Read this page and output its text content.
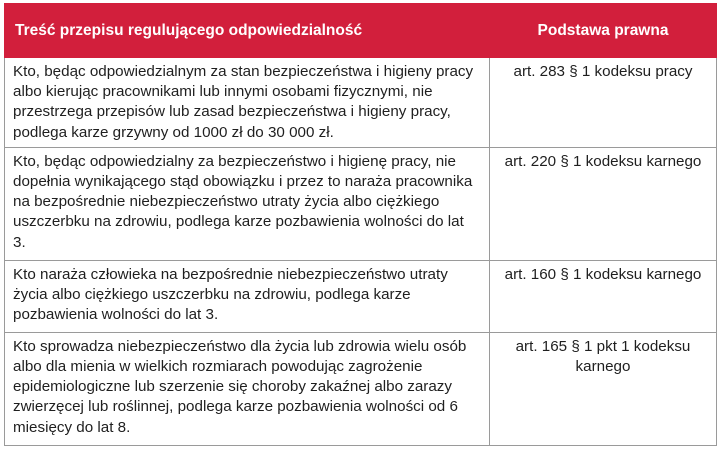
Treść przepisu regulującego odpowiedzialność	Podstawa prawna
Kto, będąc odpowiedzialnym za stan bezpieczeństwa i higieny pracy albo kierując pracownikami lub innymi osobami fizycznymi, nie przestrzega przepisów lub zasad bezpieczeństwa i higieny pracy, podlega karze grzywny od 1000 zł do 30 000 zł.	art. 283 § 1 kodeksu pracy
Kto, będąc odpowiedzialny za bezpieczeństwo i higienę pracy, nie dopełnia wynikającego stąd obowiązku i przez to naraża pracownika na bezpośrednie niebezpieczeństwo utraty życia albo ciężkiego uszczerbku na zdrowiu, podlega karze pozbawienia wolności do lat 3.	art. 220 § 1 kodeksu karnego
Kto naraża człowieka na bezpośrednie niebezpieczeństwo utraty życia albo ciężkiego uszczerbku na zdrowiu, podlega karze pozbawienia wolności do lat 3.	art. 160 § 1 kodeksu karnego
Kto sprowadza niebezpieczeństwo dla życia lub zdrowia wielu osób albo dla mienia w wielkich rozmiarach powodując zagrożenie epidemiologiczne lub szerzenie się choroby zakaźnej albo zarazy zwierzęcej lub roślinnej, podlega karze pozbawienia wolności od 6 miesięcy do lat 8.	art. 165 § 1 pkt 1 kodeksu karnego
